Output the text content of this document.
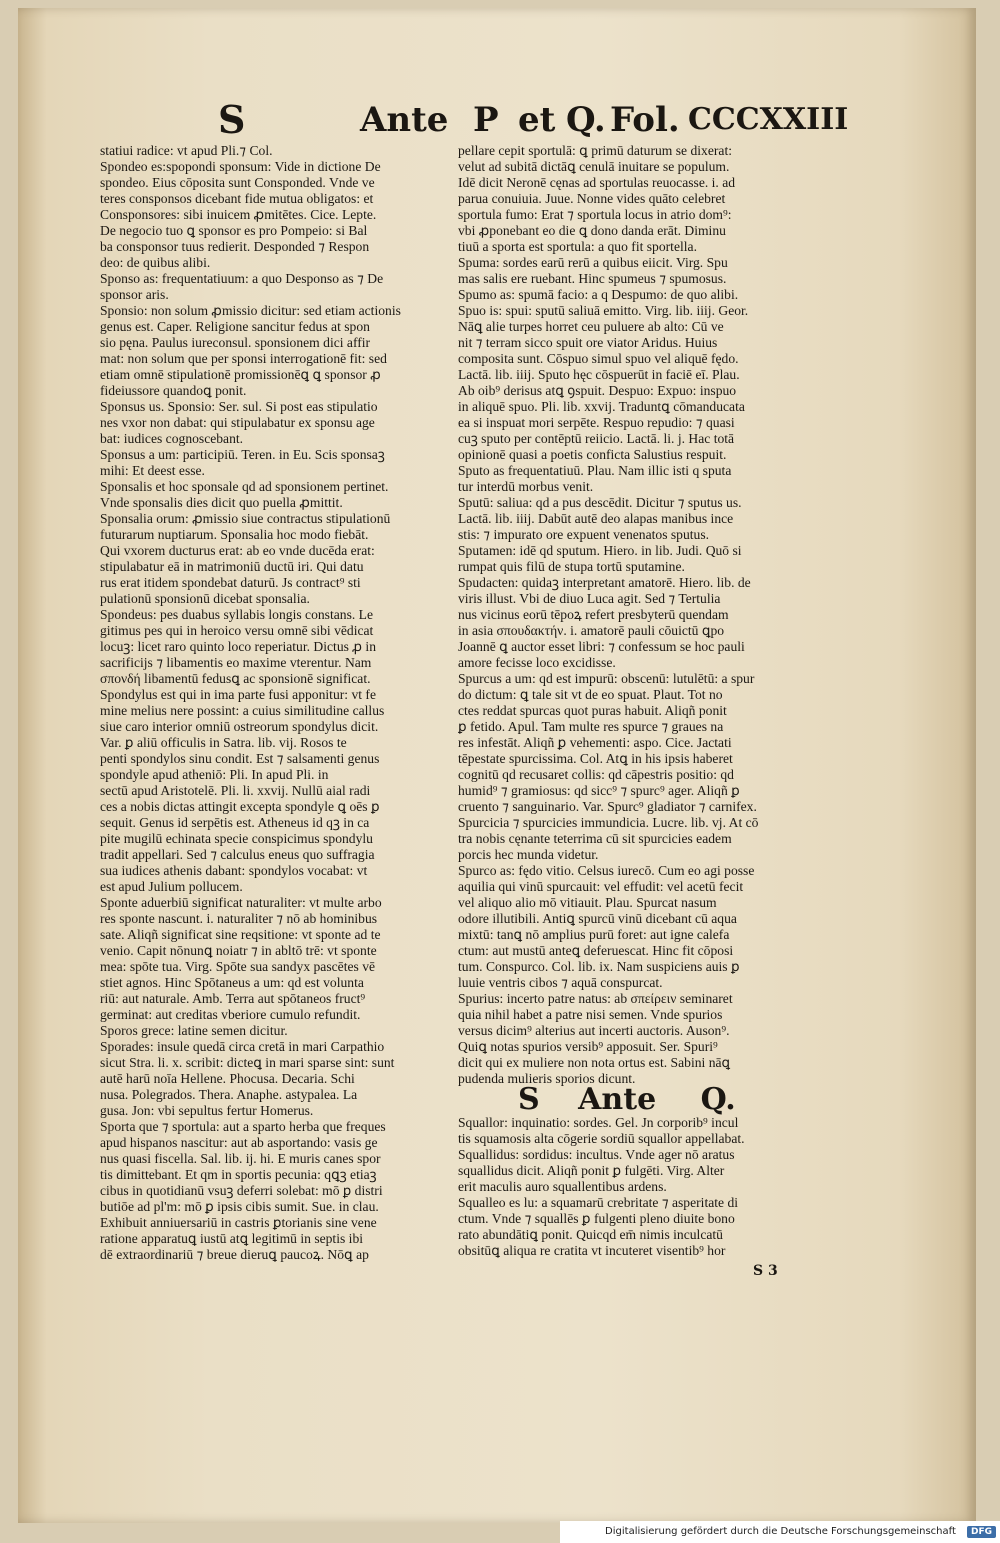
S	Ante P et Q. Fol. CCCXXIII

statiui radice: vt apud Pli.⁊ Col.

Spondeo es:spopondi sponsum: Vide in dictione De

spondeo. Eius cōposita sunt Consponded. Vnde ve

teres consponsos dicebant fide mutua obligatos: et

Consponsores: sibi inuicem ꝓmitētes. Cice. Lepte.

De negocio tuo ꝗ sponsor es pro Pompeio: si Bal

ba consponsor tuus redierit. Desponded ⁊ Respon

deo: de quibus alibi.

Sponso as: frequentatiuum: a quo Desponso as ⁊ De

sponsor aris.

Sponsio: non solum ꝓmissio dicitur: sed etiam actionis

genus est. Caper. Religione sancitur fedus at spon

sio pęna. Paulus iureconsul. sponsionem dici affir

mat: non solum que per sponsi interrogationē fit: sed

etiam omnē stipulationē promissionēꝗ ꝗ sponsor ꝓ

fideiussore quandoꝗ ponit.

Sponsus us. Sponsio: Ser. sul. Si post eas stipulatio

nes vxor non dabat: qui stipulabatur ex sponsu age

bat: iudices cognoscebant.

Sponsus a um: participiū. Teren. in Eu. Scis sponsaꝫ

mihi: Et deest esse.

Sponsalis et hoc sponsale qd ad sponsionem pertinet.

Vnde sponsalis dies dicit quo puella ꝓmittit.

Sponsalia orum: ꝓmissio siue contractus stipulationū

futurarum nuptiarum. Sponsalia hoc modo fiebāt.

Qui vxorem ducturus erat: ab eo vnde ducēda erat:

stipulabatur eā in matrimoniū ductū iri. Qui datu

rus erat itidem spondebat daturū. Js contract⁹ sti

pulationū sponsionū dicebat sponsalia.

Spondeus: pes duabus syllabis longis constans. Le

gitimus pes qui in heroico versu omnē sibi vēdicat

locuꝫ: licet raro quinto loco reperiatur. Dictus ꝓ in

sacrificijs ⁊ libamentis eo maxime vterentur. Nam

σπονδή libamentū fedusꝗ ac sponsionē significat.

Spondylus est qui in ima parte fusi apponitur: vt fe

mine melius nere possint: a cuius similitudine callus

siue caro interior omniū ostreorum spondylus dicit.

Var. ꝑ aliū officulis in Satra. lib. vij. Rosos te

penti spondylos sinu condit. Est ⁊ salsamenti genus

spondyle apud atheniō: Pli. In apud Pli. in

sectū apud Aristotelē. Pli. li. xxvij. Nullū aial radi

ces a nobis dictas attingit excepta spondyle ꝗ oēs ꝑ

sequit. Genus id serpētis est. Atheneus id qꝫ in ca

pite mugilū echinata specie conspicimus spondylu

tradit appellari. Sed ⁊ calculus eneus quo suffragia

sua iudices athenis dabant: spondylos vocabat: vt

est apud Julium pollucem.

Sponte aduerbiū significat naturaliter: vt multe arbo

res sponte nascunt. i. naturaliter ⁊ nō ab hominibus

sate. Aliqñ significat sine reqsitione: vt sponte ad te

venio. Capit nōnunꝗ noiatr ⁊ in abltō trē: vt sponte

mea: spōte tua. Virg. Spōte sua sandyx pascētes vē

stiet agnos. Hinc Spōtaneus a um: qd est volunta

riū: aut naturale. Amb. Terra aut spōtaneos fruct⁹

germinat: aut creditas vberiore cumulo refundit.

Sporos grece: latine semen dicitur.

Sporades: insule quedā circa cretā in mari Carpathio

sicut Stra. li. x. scribit: dicteꝗ in mari sparse sint: sunt

autē harū noīa Hellene. Phocusa. Decaria. Schi

nusa. Polegrados. Thera. Anaphe. astypalea. La

gusa. Jon: vbi sepultus fertur Homerus.

Sporta que ⁊ sportula: aut a sparto herba que freques

apud hispanos nascitur: aut ab asportando: vasis ge

nus quasi fiscella. Sal. lib. ij. hi. E muris canes spor

tis dimittebant. Et qm in sportis pecunia: qꝗꝫ etiaꝫ

cibus in quotidianū vsuꝫ deferri solebat: mō ꝑ distri

butiōe ad pl'm: mō ꝑ ipsis cibis sumit. Sue. in clau.

Exhibuit anniuersariū in castris ꝑtorianis sine vene

ratione apparatuꝗ iustū atꝗ legitimū in septis ibi

dē extraordinariū ⁊ breue dieruꝗ paucoꝝ. Nōꝗ ap

pellare cepit sportulā: ꝗ primū daturum se dixerat:

velut ad subitā dictāꝗ cenulā inuitare se populum.

Idē dicit Neronē cęnas ad sportulas reuocasse. i. ad

parua conuiuia. Juue. Nonne vides quāto celebret

sportula fumo: Erat ⁊ sportula locus in atrio dom⁹:

vbi ꝓponebant eo die ꝗ dono danda erāt. Diminu

tiuū a sporta est sportula: a quo fit sportella.

Spuma: sordes earū rerū a quibus eiicit. Virg. Spu

mas salis ere ruebant. Hinc spumeus ⁊ spumosus.

Spumo as: spumā facio: a q Despumo: de quo alibi.

Spuo is: spui: sputū saliuā emitto. Virg. lib. iiij. Geor.

Nāꝗ alie turpes horret ceu puluere ab alto: Cū ve

nit ⁊ terram sicco spuit ore viator Aridus. Huius

composita sunt. Cōspuo simul spuo vel aliquē fędo.

Lactā. lib. iiij. Sputo hęc cōspuerūt in faciē eī. Plau.

Ab oib⁹ derisus atꝗ ꝯspuit. Despuo: Expuo: inspuo

in aliquē spuo. Pli. lib. xxvij. Traduntꝗ cōmanducata

ea si inspuat mori serpēte. Respuo repudio: ⁊ quasi

cuꝫ sputo per contēptū reiicio. Lactā. li. j. Hac totā

opinionē quasi a poetis conficta Salustius respuit.

Sputo as frequentatiuū. Plau. Nam illic isti q sputa

tur interdū morbus venit.

Sputū: saliua: qd a pus descēdit. Dicitur ⁊ sputus us.

Lactā. lib. iiij. Dabūt autē deo alapas manibus ince

stis: ⁊ impurato ore expuent venenatos sputus.

Sputamen: idē qd sputum. Hiero. in lib. Judi. Quō si

rumpat quis filū de stupa tortū sputamine.

Spudacten: quidaꝫ interpretant amatorē. Hiero. lib. de

viris illust. Vbi de diuo Luca agit. Sed ⁊ Tertulia

nus vicinus eorū tēpoꝝ refert presbyterū quendam

in asia σπουδακτήν. i. amatorē pauli cōuictū ꝗpo

Joannē ꝗ auctor esset libri: ⁊ confessum se hoc pauli

amore fecisse loco excidisse.

Spurcus a um: qd est impurū: obscenū: lutulētū: a spur

do dictum: ꝗ tale sit vt de eo spuat. Plaut. Tot no

ctes reddat spurcas quot puras habuit. Aliqñ ponit

ꝑ fetido. Apul. Tam multe res spurce ⁊ graues na

res infestāt. Aliqñ ꝑ vehementi: aspo. Cice. Jactati

tēpestate spurcissima. Col. Atꝗ in his ipsis haberet

cognitū qd recusaret collis: qd cāpestris positio: qd

humid⁹ ⁊ gramiosus: qd sicc⁹ ⁊ spurc⁹ ager. Aliqñ ꝑ

cruento ⁊ sanguinario. Var. Spurc⁹ gladiator ⁊ carnifex.

Spurcicia ⁊ spurcicies immundicia. Lucre. lib. vj. At cō

tra nobis cęnante teterrima cū sit spurcicies eadem

porcis hec munda videtur.

Spurco as: fędo vitio. Celsus iurecō. Cum eo agi posse

aquilia qui vinū spurcauit: vel effudit: vel acetū fecit

vel aliquo alio mō vitiauit. Plau. Spurcat nasum

odore illutibili. Antiꝗ spurcū vinū dicebant cū aqua

mixtū: tanꝗ nō amplius purū foret: aut igne calefa

ctum: aut mustū anteꝗ deferuescat. Hinc fit cōposi

tum. Conspurco. Col. lib. ix. Nam suspiciens auis ꝑ

luuie ventris cibos ⁊ aquā conspurcat.

Spurius: incerto patre natus: ab σπείρειν seminaret

quia nihil habet a patre nisi semen. Vnde spurios

versus dicim⁹ alterius aut incerti auctoris. Auson⁹.

Quiꝗ notas spurios versib⁹ apposuit. Ser. Spuri⁹

dicit qui ex muliere non nota ortus est. Sabini nāꝗ

pudenda mulieris sporios dicunt.

S Ante Q.

Squallor: inquinatio: sordes. Gel. Jn corporib⁹ incul

tis squamosis alta cōgerie sordiū squallor appellabat.

Squallidus: sordidus: incultus. Vnde ager nō aratus

squallidus dicit. Aliqñ ponit ꝑ fulgēti. Virg. Alter

erit maculis auro squallentibus ardens.

Squalleo es lu: a squamarū crebritate ⁊ asperitate di

ctum. Vnde ⁊ squallēs ꝑ fulgenti pleno diuite bono

rato abundātiꝗ ponit. Quicqd em̄ nimis inculcatū

obsitūꝗ aliqua re cratita vt incuteret visentib⁹ hor

S 3
Digitalisierung gefördert durch die Deutsche Forschungsgemeinschaft DFG
